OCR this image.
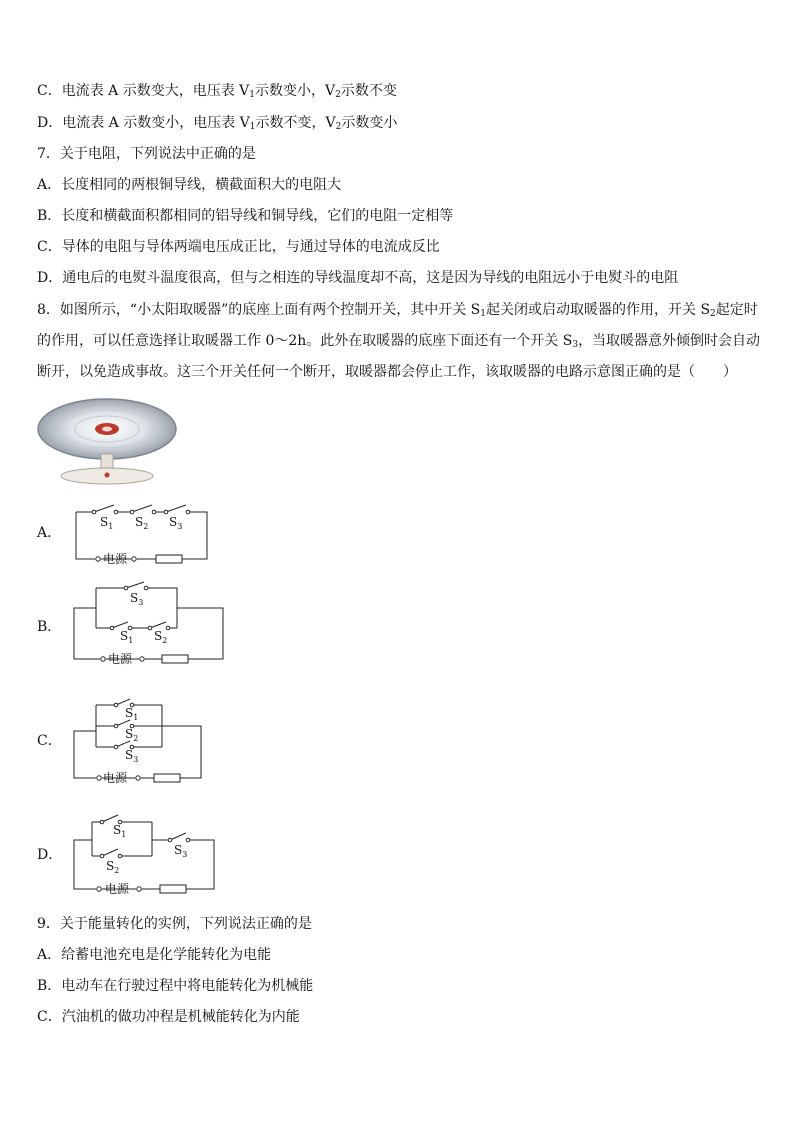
C．电流表 A 示数变大，电压表 $V_1$示数变小，$V_2$示数不变
D．电流表 A 示数变小，电压表 $V_1$示数不变，$V_2$示数变小
7．关于电阻，下列说法中正确的是
A．长度相同的两根铜导线，横截面积大的电阻大
B．长度和横截面积都相同的铝导线和铜导线，它们的电阻一定相等
C．导体的电阻与导体两端电压成正比，与通过导体的电流成反比
D．通电后的电熨斗温度很高，但与之相连的导线温度却不高，这是因为导线的电阻远小于电熨斗的电阻
8．如图所示，“小太阳取暖器”的底座上面有两个控制开关，其中开关 $S_1$起关闭或启动取暖器的作用，开关 $S_2$起定时
的作用，可以任意选择让取暖器工作 0～2h。此外在取暖器的底座下面还有一个开关 $S_3$，当取暖器意外倾倒时会自动
断开，以免造成事故。这三个开关任何一个断开，取暖器都会停止工作，该取暖器的电路示意图正确的是（　　）
A．
B．
C．
D．
$S_1$ $S_2$ $S_3$
电源
$S_3$
$S_1$ $S_2$
电源
$S_1$
$S_2$
$S_3$
电源
$S_1$
$S_2$
$S_3$
电源
9．关于能量转化的实例，下列说法正确的是
A．给蓄电池充电是化学能转化为电能
B．电动车在行驶过程中将电能转化为机械能
C．汽油机的做功冲程是机械能转化为内能
